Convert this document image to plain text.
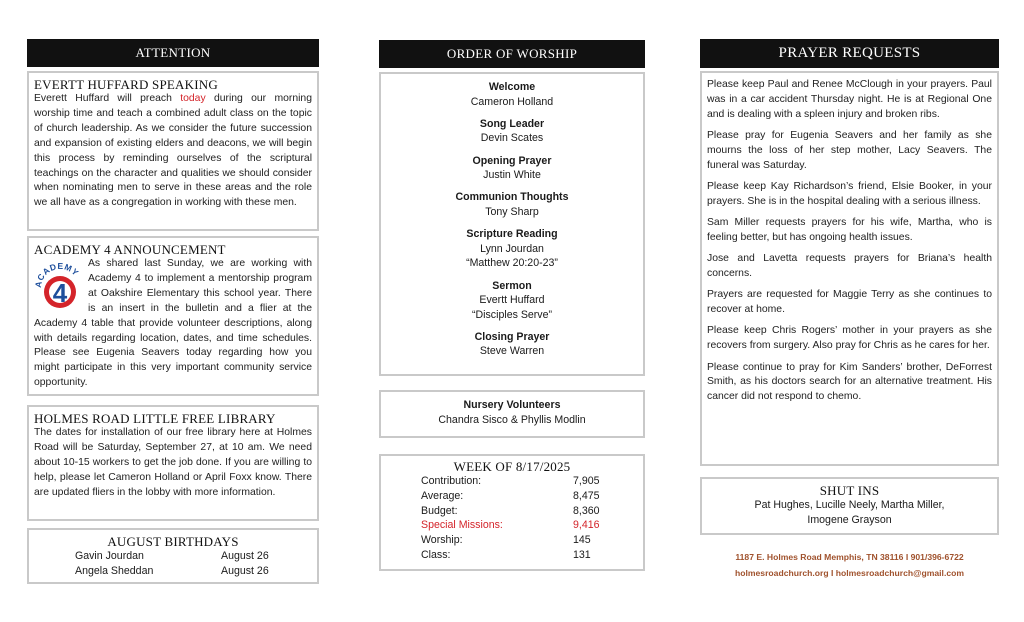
ATTENTION
EVERTT HUFFARD SPEAKING

Everett Huffard will preach today during our morning worship time and teach a combined adult class on the topic of church leadership. As we consider the future succession and expansion of existing elders and deacons, we will begin this process by reminding ourselves of the scriptural teachings on the character and qualities we should consider when nominating men to serve in these areas and the role we all have as a congregation in working with these men.

ACADEMY 4 ANNOUNCEMENT
CADEMY
4

As shared last Sunday, we are working with Academy 4 to implement a mentorship program at Oakshire Elementary this school year. There is an insert in the bulletin and a flier at the Academy 4 table that provide volunteer descriptions, along with details regarding location, dates, and time schedules. Please see Eugenia Seavers today regarding how you might participate in this very important community service opportunity.

HOLMES ROAD LITTLE FREE LIBRARY

The dates for installation of our free library here at Holmes Road will be Saturday, September 27, at 10 am. We need about 10-15 workers to get the job done. If you are willing to help, please let Cameron Holland or April Foxx know. There are updated fliers in the lobby with more information.

AUGUST BIRTHDAYS
Gavin Jourdan	August 26
Angela Sheddan	August 26
ORDER OF WORSHIP
Welcome
Cameron Holland
Song Leader
Devin Scates
Opening Prayer
Justin White
Communion Thoughts
Tony Sharp
Scripture Reading
Lynn Jourdan
“Matthew 20:20-23”
Sermon
Evertt Huffard
“Disciples Serve”
Closing Prayer
Steve Warren
Nursery Volunteers
Chandra Sisco & Phyllis Modlin
WEEK OF 8/17/2025
Contribution:	7,905
Average:	8,475
Budget:	8,360
Special Missions:	9,416
Worship:	145
Class:	131
PRAYER REQUESTS

Please keep Paul and Renee McClough in your prayers. Paul was in a car accident Thursday night. He is at Regional One and is dealing with a spleen injury and broken ribs.

Please pray for Eugenia Seavers and her family as she mourns the loss of her step mother, Lacy Seavers. The funeral was Saturday.

Please keep Kay Richardson’s friend, Elsie Booker, in your prayers. She is in the hospital dealing with a serious illness.

Sam Miller requests prayers for his wife, Martha, who is feeling better, but has ongoing health issues.

Jose and Lavetta requests prayers for Briana’s health concerns.

Prayers are requested for Maggie Terry as she continues to recover at home.

Please keep Chris Rogers’ mother in your prayers as she recovers from surgery. Also pray for Chris as he cares for her.

Please continue to pray for Kim Sanders’ brother, DeForrest Smith, as his doctors search for an alternative treatment. His cancer did not respond to chemo.

SHUT INS
Pat Hughes, Lucille Neely, Martha Miller,
Imogene Grayson
1187 E. Holmes Road Memphis, TN 38116 I 901/396-6722
holmesroadchurch.org I holmesroadchurch@gmail.com
